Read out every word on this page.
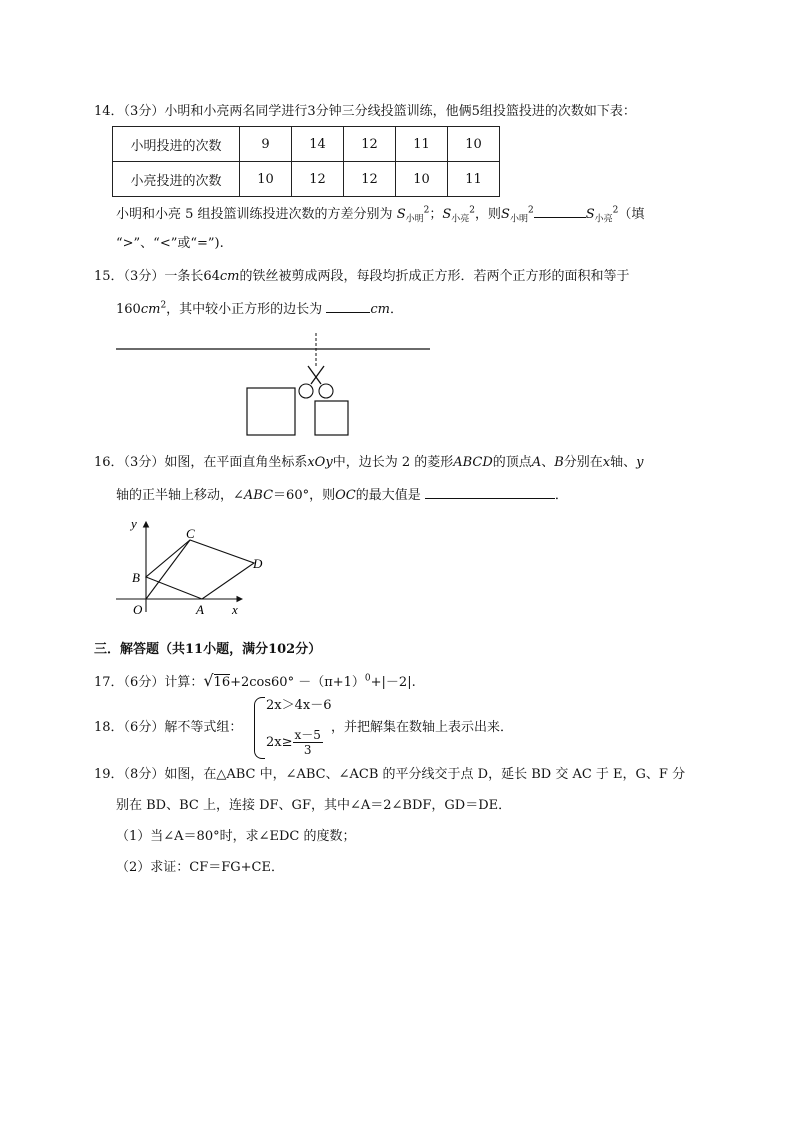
14．（3分）小明和小亮两名同学进行3分钟三分线投篮训练，他俩5组投篮投进的次数如下表：
小明投进的次数	9	14	12	11	10
小亮投进的次数	10	12	12	10	11
小明和小亮 5 组投篮训练投进次数的方差分别为 $S_{小明}^2$；$S_{小亮}^2$，则$S_{小明}^2$	$S_{小亮}^2$（填
“>”、“<”或“=”).
15．（3分）一条长64cm的铁丝被剪成两段，每段均折成正方形．若两个正方形的面积和等于
$160cm^2$，其中较小正方形的边长为	cm．
16．（3分）如图，在平面直角坐标系xOy中，边长为 2 的菱形ABCD的顶点A、B分别在x轴、y
轴的正半轴上移动，∠ABC＝60°，则OC的最大值是	．
y
x
O	A
B
C
D
三．解答题（共11小题，满分102分）
17．（6分）计算：$√16+2\cos 60^\circ -(\pi+1)^0+|-2|$.
18．（6分）解不等式组：
2x＞4x－6
$2x\ge \frac{x-5}{3}$
，并把解集在数轴上表示出来．
19．（8分）如图，在△ABC 中，∠ABC、∠ACB 的平分线交于点 D，延长 BD 交 AC 于 E，G、F 分
别在 BD、BC 上，连接 DF、GF，其中∠A＝2∠BDF，GD＝DE．
（1）当∠A＝80°时，求∠EDC 的度数；
（2）求证：CF＝FG+CE．
